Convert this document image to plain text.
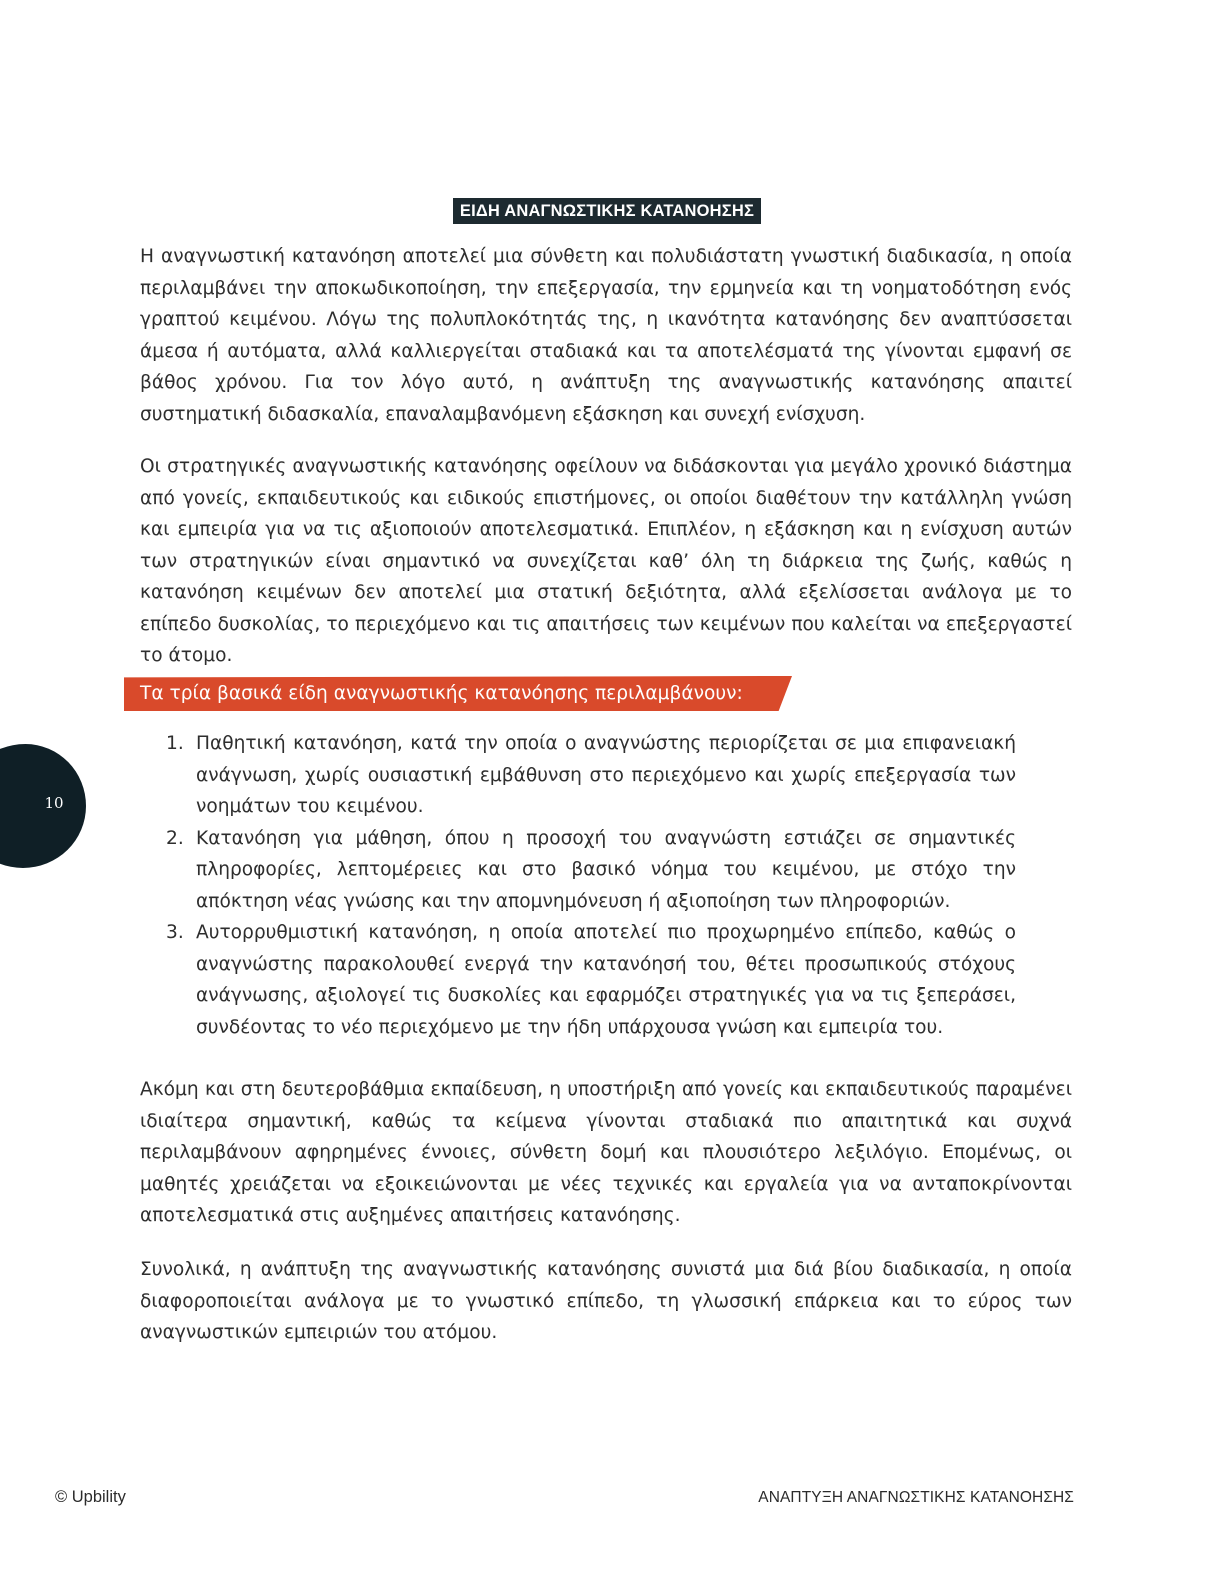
ΕΙΔΗ ΑΝΑΓΝΩΣΤΙΚΗΣ ΚΑΤΑΝΟΗΣΗΣ

Η αναγνωστική κατανόηση αποτελεί μια σύνθετη και πολυδιάστατη γνωστική διαδικασία, η οποία περιλαμβάνει την αποκωδικοποίηση, την επεξεργασία, την ερμηνεία και τη νοηματοδότηση ενός γραπτού κειμένου. Λόγω της πολυπλοκότητάς της, η ικανότητα κατανόησης δεν αναπτύσσεται άμεσα ή αυτόματα, αλλά καλλιεργείται σταδιακά και τα αποτελέσματά της γίνονται εμφανή σε βάθος χρόνου. Για τον λόγο αυτό, η ανάπτυξη της αναγνωστικής κατανόησης απαιτεί συστηματική διδασκαλία, επαναλαμβανόμενη εξάσκηση και συνεχή ενίσχυση.

Οι στρατηγικές αναγνωστικής κατανόησης οφείλουν να διδάσκονται για μεγάλο χρονικό διάστημα από γονείς, εκπαιδευτικούς και ειδικούς επιστήμονες, οι οποίοι διαθέτουν την κατάλληλη γνώση και εμπειρία για να τις αξιοποιούν αποτελεσματικά. Επιπλέον, η εξάσκηση και η ενίσχυση αυτών των στρατηγικών είναι σημαντικό να συνεχίζεται καθ’ όλη τη διάρκεια της ζωής, καθώς η κατανόηση κειμένων δεν αποτελεί μια στατική δεξιότητα, αλλά εξελίσσεται ανάλογα με το επίπεδο δυσκολίας, το περιεχόμενο και τις απαιτήσεις των κειμένων που καλείται να επεξεργαστεί το άτομο.

Τα τρία βασικά είδη αναγνωστικής κατανόησης περιλαμβάνουν:
1. Παθητική κατανόηση, κατά την οποία ο αναγνώστης περιορίζεται σε μια επιφανειακή ανάγνωση, χωρίς ουσιαστική εμβάθυνση στο περιεχόμενο και χωρίς επεξεργασία των νοημάτων του κειμένου.
2. Κατανόηση για μάθηση, όπου η προσοχή του αναγνώστη εστιάζει σε σημαντικές πληροφορίες, λεπτομέρειες και στο βασικό νόημα του κειμένου, με στόχο την απόκτηση νέας γνώσης και την απομνημόνευση ή αξιοποίηση των πληροφοριών.
3. Αυτορρυθμιστική κατανόηση, η οποία αποτελεί πιο προχωρημένο επίπεδο, καθώς ο αναγνώστης παρακολουθεί ενεργά την κατανόησή του, θέτει προσωπικούς στόχους ανάγνωσης, αξιολογεί τις δυσκολίες και εφαρμόζει στρατηγικές για να τις ξεπεράσει, συνδέοντας το νέο περιεχόμενο με την ήδη υπάρχουσα γνώση και εμπειρία του.

Ακόμη και στη δευτεροβάθμια εκπαίδευση, η υποστήριξη από γονείς και εκπαιδευτικούς παραμένει ιδιαίτερα σημαντική, καθώς τα κείμενα γίνονται σταδιακά πιο απαιτητικά και συχνά περιλαμβάνουν αφηρημένες έννοιες, σύνθετη δομή και πλουσιότερο λεξιλόγιο. Επομένως, οι μαθητές χρειάζεται να εξοικειώνονται με νέες τεχνικές και εργαλεία για να ανταποκρίνονται αποτελεσματικά στις αυξημένες απαιτήσεις κατανόησης.

Συνολικά, η ανάπτυξη της αναγνωστικής κατανόησης συνιστά μια διά βίου διαδικασία, η οποία διαφοροποιείται ανάλογα με το γνωστικό επίπεδο, τη γλωσσική επάρκεια και το εύρος των αναγνωστικών εμπειριών του ατόμου.

10
© Upbility	ΑΝΑΠΤΥΞΗ ΑΝΑΓΝΩΣΤΙΚΗΣ ΚΑΤΑΝΟΗΣΗΣ
